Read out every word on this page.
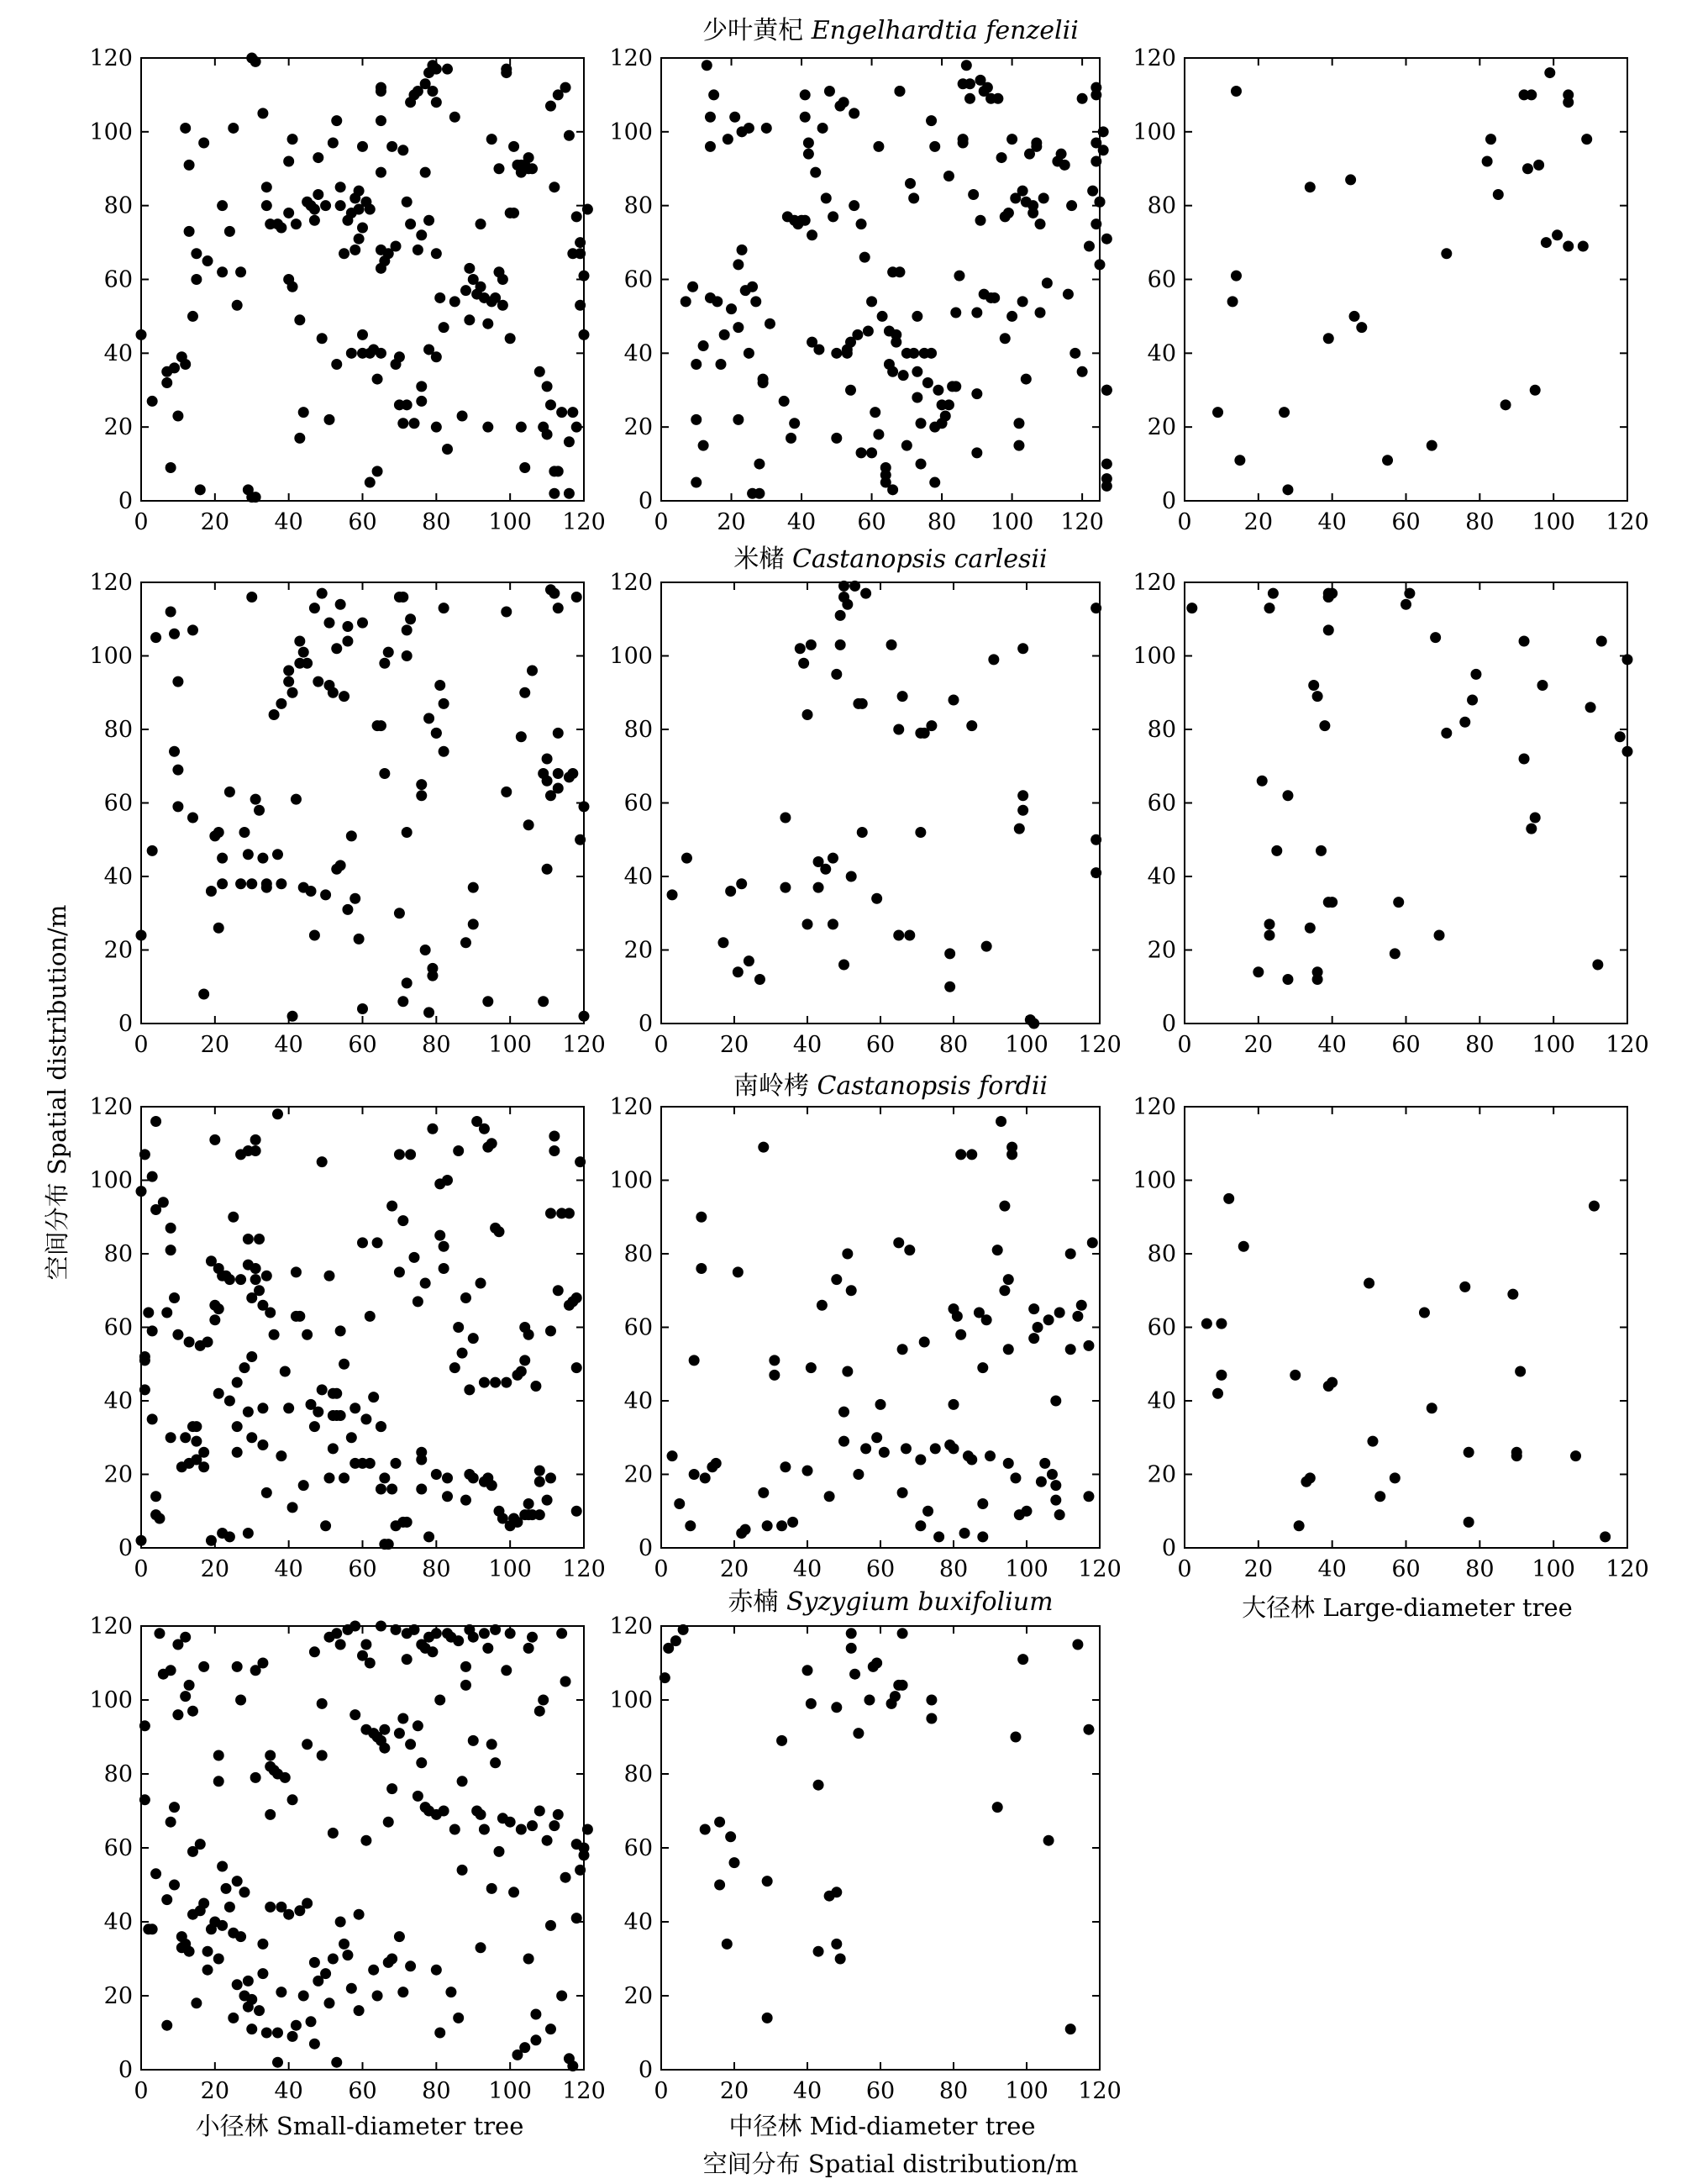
少叶黄杞 Engelhardtia fenzelii
米槠 Castanopsis carlesii
南岭栲 Castanopsis fordii
赤楠 Syzygium buxifolium
小径林 Small-diameter tree	中径林 Mid-diameter tree
大径林 Large-diameter tree
空间分布 Spatial distribution/m
空间分布 Spatial distribution/m
0 20 40 60 80 100 120
0
20
40
60
80
100
120
0 20 40 60 80 100 120
0
20
40
60
80
100
120
0 20 40 60 80 100 120
0
20
40
60
80
100
120
0 20 40 60 80 100 120
0
20
40
60
80
100
120
0 20 40 60 80 100 120
0
20
40
60
80
100
120
0 20 40 60 80 100 120
0
20
40
60
80
100
120
0 20 40 60 80 100 120
0
20
40
60
80
100
120
0 20 40 60 80 100 120
0
20
40
60
80
100
120
0 20 40 60 80 100 120
0
20
40
60
80
100
120
0 20 40 60 80 100 120
0
20
40
60
80
100
120
0 20 40 60 80 100 120
0
20
40
60
80
100
120
